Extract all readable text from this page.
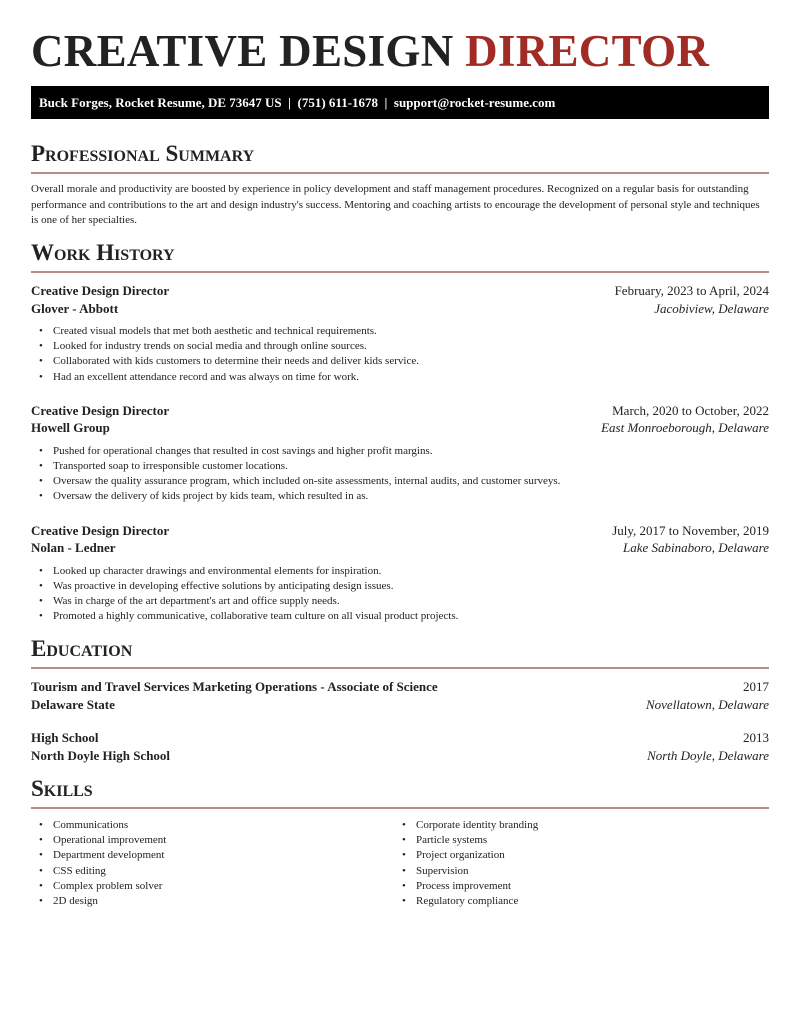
CREATIVE DESIGN DIRECTOR
Buck Forges, Rocket Resume, DE 73647 US  |  (751) 611-1678  |  support@rocket-resume.com
Professional Summary

Overall morale and productivity are boosted by experience in policy development and staff management procedures. Recognized on a regular basis for outstanding performance and contributions to the art and design industry's success. Mentoring and coaching artists to encourage the development of personal style and techniques is one of her specialties.

Work History
Creative Design Director	February, 2023 to April, 2024
Glover - Abbott	Jacobiview, Delaware
• Created visual models that met both aesthetic and technical requirements.
• Looked for industry trends on social media and through online sources.
• Collaborated with kids customers to determine their needs and deliver kids service.
• Had an excellent attendance record and was always on time for work.
Creative Design Director	March, 2020 to October, 2022
Howell Group	East Monroeborough, Delaware
• Pushed for operational changes that resulted in cost savings and higher profit margins.
• Transported soap to irresponsible customer locations.
• Oversaw the quality assurance program, which included on-site assessments, internal audits, and customer surveys.
• Oversaw the delivery of kids project by kids team, which resulted in as.
Creative Design Director	July, 2017 to November, 2019
Nolan - Ledner	Lake Sabinaboro, Delaware
• Looked up character drawings and environmental elements for inspiration.
• Was proactive in developing effective solutions by anticipating design issues.
• Was in charge of the art department's art and office supply needs.
• Promoted a highly communicative, collaborative team culture on all visual product projects.
Education
Tourism and Travel Services Marketing Operations - Associate of Science	2017
Delaware State	Novellatown, Delaware
High School	2013
North Doyle High School	North Doyle, Delaware
Skills
• Communications
• Operational improvement
• Department development
• CSS editing
• Complex problem solver
• 2D design
• Corporate identity branding
• Particle systems
• Project organization
• Supervision
• Process improvement
• Regulatory compliance
